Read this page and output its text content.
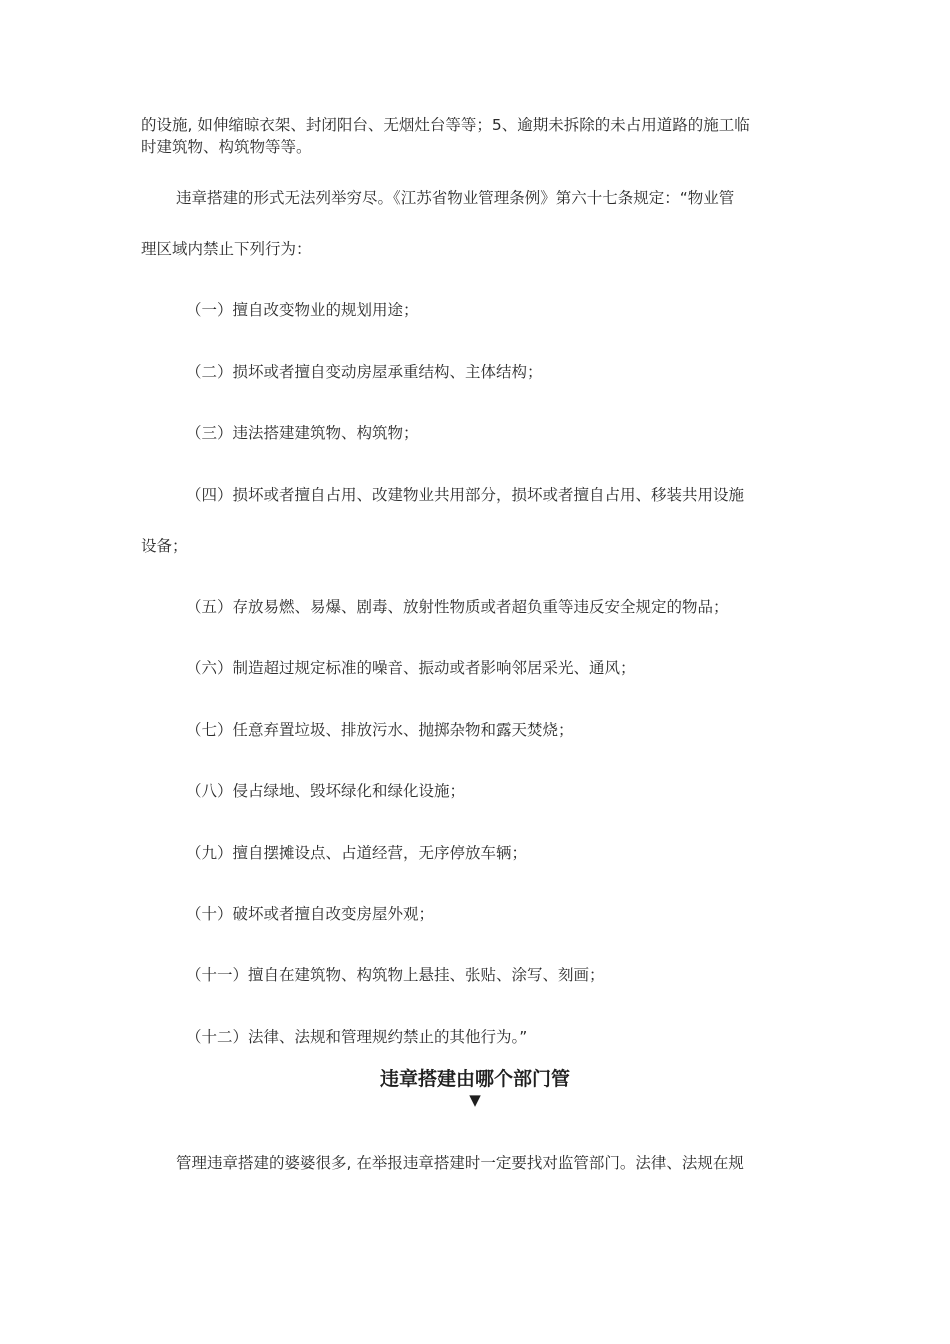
的设施, 如伸缩晾衣架、封闭阳台、无烟灶台等等；5、逾期未拆除的未占用道路的施工临
时建筑物、构筑物等等。
违章搭建的形式无法列举穷尽。《江苏省物业管理条例》第六十七条规定：“物业管
理区域内禁止下列行为：
（一）擅自改变物业的规划用途；
（二）损坏或者擅自变动房屋承重结构、主体结构；
（三）违法搭建建筑物、构筑物；
（四）损坏或者擅自占用、改建物业共用部分，损坏或者擅自占用、移装共用设施
设备；
（五）存放易燃、易爆、剧毒、放射性物质或者超负重等违反安全规定的物品；
（六）制造超过规定标准的噪音、振动或者影响邻居采光、通风；
（七）任意弃置垃圾、排放污水、抛掷杂物和露天焚烧；
（八）侵占绿地、毁坏绿化和绿化设施；
（九）擅自摆摊设点、占道经营，无序停放车辆；
（十）破坏或者擅自改变房屋外观；
（十一）擅自在建筑物、构筑物上悬挂、张贴、涂写、刻画；
（十二）法律、法规和管理规约禁止的其他行为。”
违章搭建由哪个部门管
▼
管理违章搭建的婆婆很多, 在举报违章搭建时一定要找对监管部门。法律、法规在规
